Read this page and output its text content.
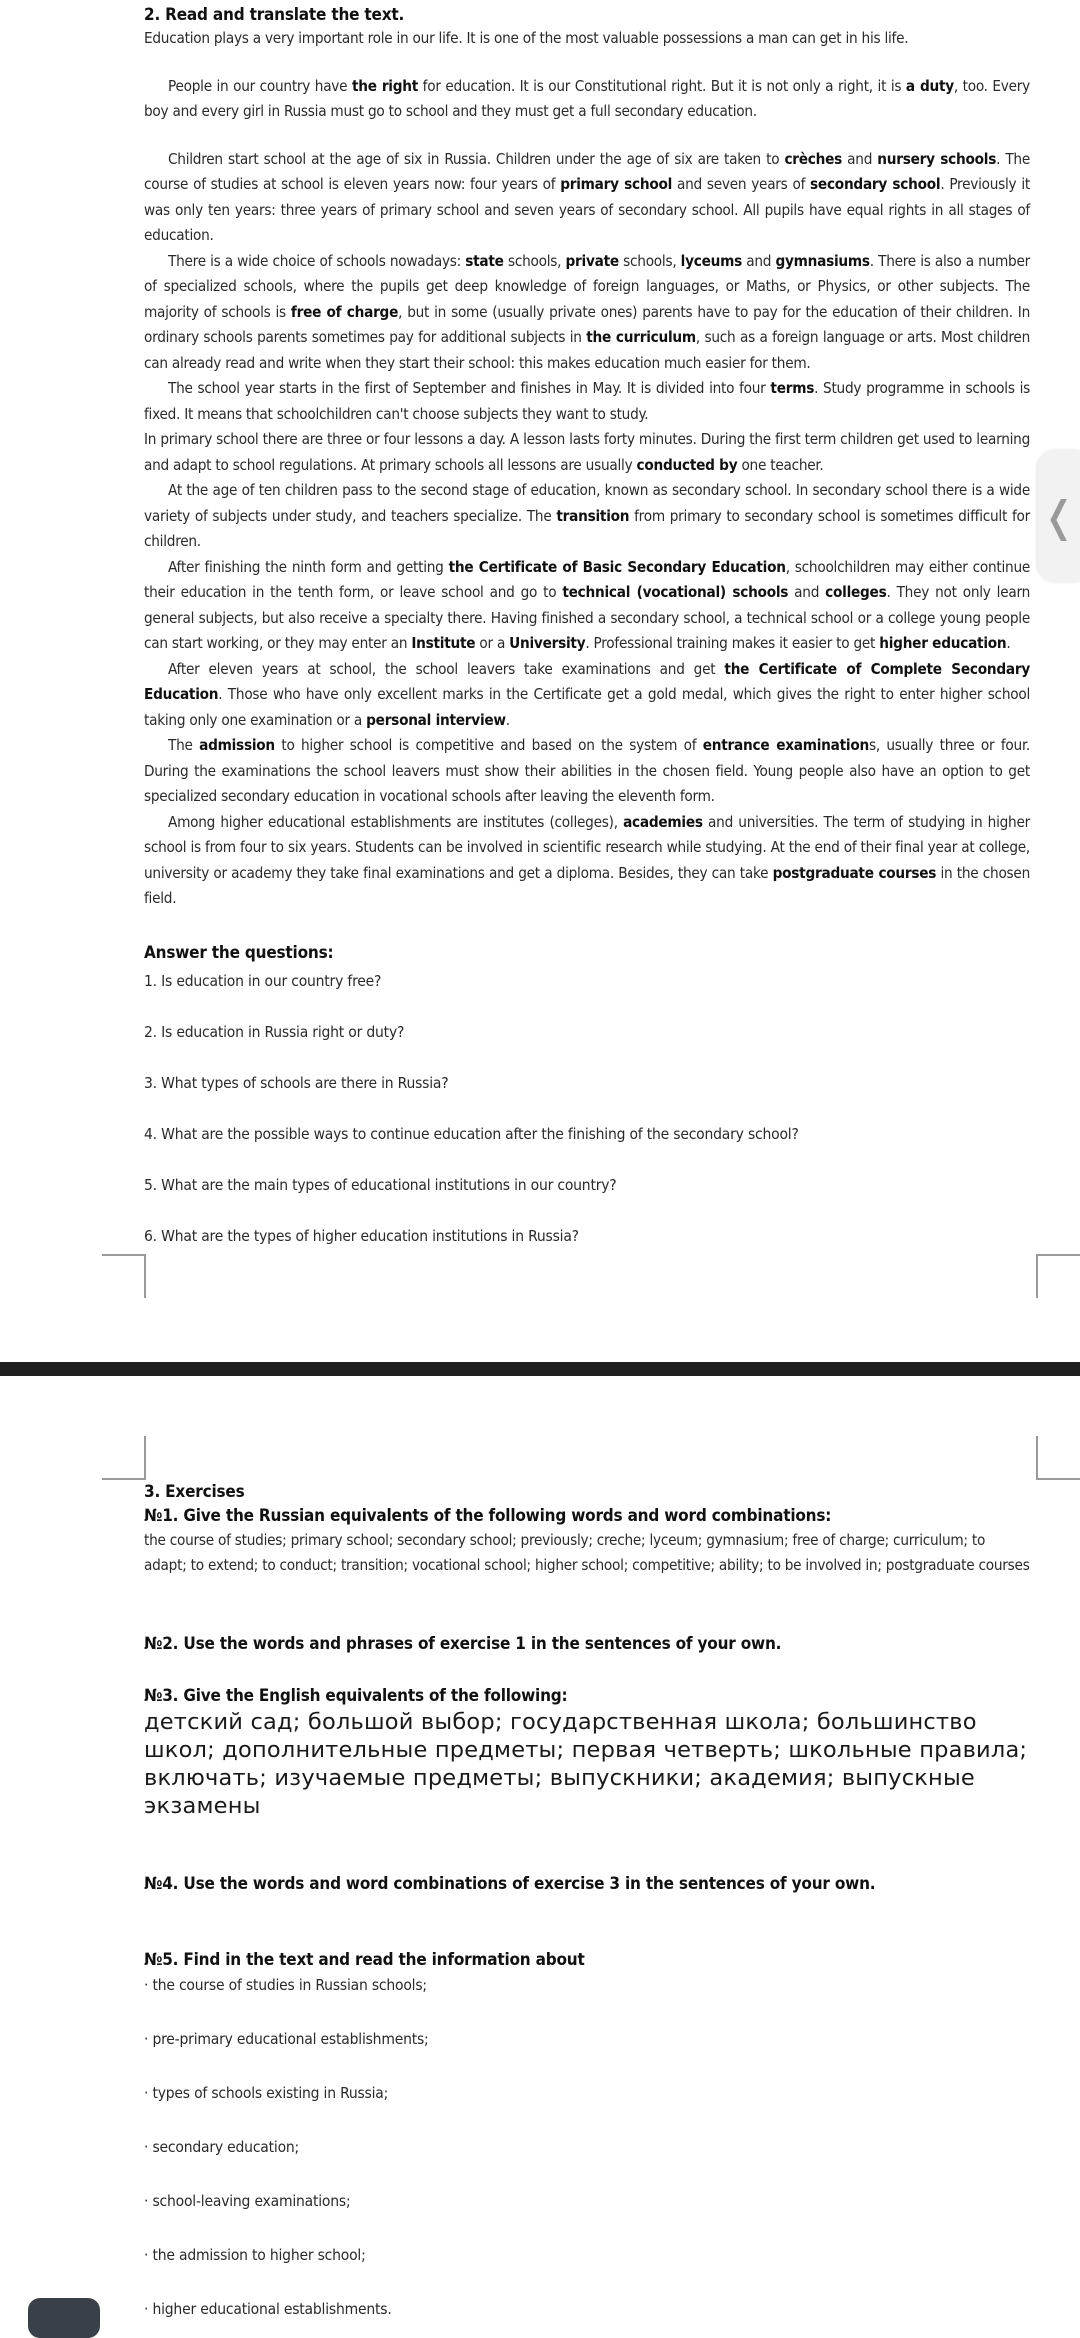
2. Read and translate the text.

Education plays a very important role in our life. It is one of the most valuable possessions a man can get in his life.

People in our country have the right for education. It is our Constitutional right. But it is not only a right, it is a duty, too. Every boy and every girl in Russia must go to school and they must get a full secondary education.

Children start school at the age of six in Russia. Children under the age of six are taken to crèches and nursery schools. The course of studies at school is eleven years now: four years of primary school and seven years of secondary school. Previously it was only ten years: three years of primary school and seven years of secondary school. All pupils have equal rights in all stages of education.

There is a wide choice of schools nowadays: state schools, private schools, lyceums and gymnasiums. There is also a number of specialized schools, where the pupils get deep knowledge of foreign languages, or Maths, or Physics, or other subjects. The majority of schools is free of charge, but in some (usually private ones) parents have to pay for the education of their children. In ordinary schools parents sometimes pay for additional subjects in the curriculum, such as a foreign language or arts. Most children can already read and write when they start their school: this makes education much easier for them.

The school year starts in the first of September and finishes in May. It is divided into four terms. Study programme in schools is fixed. It means that schoolchildren can't choose subjects they want to study.

In primary school there are three or four lessons a day. A lesson lasts forty minutes. During the first term children get used to learning and adapt to school regulations. At primary schools all lessons are usually conducted by one teacher.

At the age of ten children pass to the second stage of education, known as secondary school. In secondary school there is a wide variety of subjects under study, and teachers specialize. The transition from primary to secondary school is sometimes difficult for children.

After finishing the ninth form and getting the Certificate of Basic Secondary Education, schoolchildren may either continue their education in the tenth form, or leave school and go to technical (vocational) schools and colleges. They not only learn general subjects, but also receive a specialty there. Having finished a secondary school, a technical school or a college young people can start working, or they may enter an Institute or a University. Professional training makes it easier to get higher education.

After eleven years at school, the school leavers take examinations and get the Certificate of Complete Secondary Education. Those who have only excellent marks in the Certificate get a gold medal, which gives the right to enter higher school taking only one examination or a personal interview.

The admission to higher school is competitive and based on the system of entrance examinations, usually three or four. During the examinations the school leavers must show their abilities in the chosen field. Young people also have an option to get specialized secondary education in vocational schools after leaving the eleventh form.

Among higher educational establishments are institutes (colleges), academies and universities. The term of studying in higher school is from four to six years. Students can be involved in scientific research while studying. At the end of their final year at college, university or academy they take final examinations and get a diploma. Besides, they can take postgraduate courses in the chosen field.

Answer the questions:
1. Is education in our country free?
2. Is education in Russia right or duty?
3. What types of schools are there in Russia?
4. What are the possible ways to continue education after the finishing of the secondary school?
5. What are the main types of educational institutions in our country?
6. What are the types of higher education institutions in Russia?
3. Exercises
№1. Give the Russian equivalents of the following words and word combinations:
the course of studies; primary school; secondary school; previously; creche; lyceum; gymnasium; free of charge; curriculum; to adapt; to extend; to conduct; transition; vocational school; higher school; competitive; ability; to be involved in; postgraduate courses
№2. Use the words and phrases of exercise 1 in the sentences of your own.
№3. Give the English equivalents of the following:
детский сад; большой выбор; государственная школа; большинство школ; дополнительные предметы; первая четверть; школьные правила; включать; изучаемые предметы; выпускники; академия; выпускные экзамены
№4. Use the words and word combinations of exercise 3 in the sentences of your own.
№5. Find in the text and read the information about
· the course of studies in Russian schools;
· pre-primary educational establishments;
· types of schools existing in Russia;
· secondary education;
· school-leaving examinations;
· the admission to higher school;
· higher educational establishments.
❬
